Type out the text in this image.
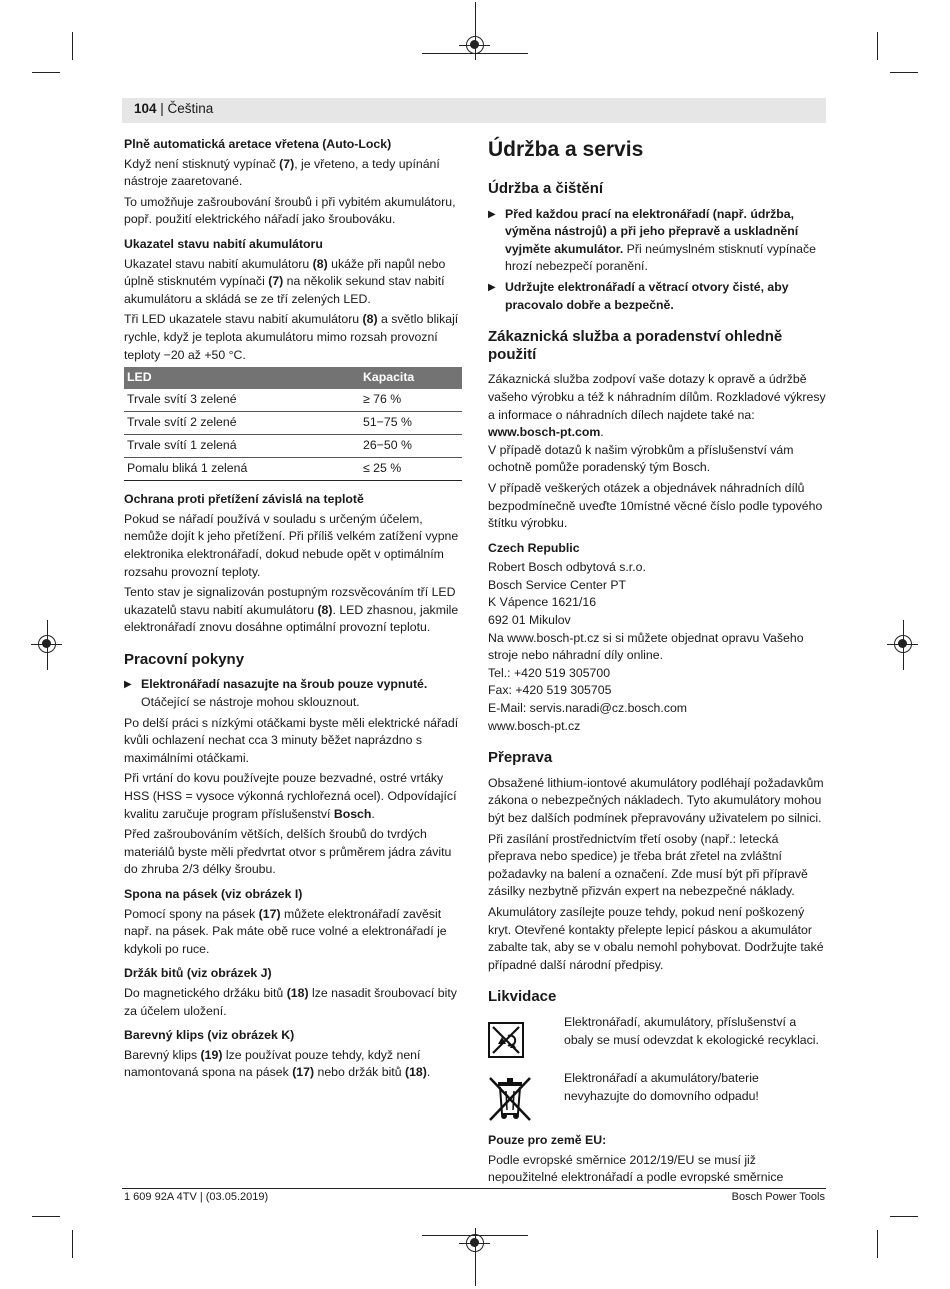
104 | Čeština

Plně automatická aretace vřetena (Auto-Lock)

Když není stisknutý vypínač (7), je vřeteno, a tedy upínání nástroje zaaretované.

To umožňuje zašroubování šroubů i při vybitém akumulátoru, popř. použití elektrického nářadí jako šroubováku.

Ukazatel stavu nabití akumulátoru

Ukazatel stavu nabití akumulátoru (8) ukáže při napůl nebo úplně stisknutém vypínači (7) na několik sekund stav nabití akumulátoru a skládá se ze tří zelených LED.

Tři LED ukazatele stavu nabití akumulátoru (8) a světlo blikají rychle, když je teplota akumulátoru mimo rozsah provozní teploty −20 až +50 °C.

LED	Kapacita
Trvale svítí 3 zelené	≥ 76 %
Trvale svítí 2 zelené	51−75 %
Trvale svítí 1 zelená	26−50 %
Pomalu bliká 1 zelená	≤ 25 %

Ochrana proti přetížení závislá na teplotě

Pokud se nářadí používá v souladu s určeným účelem, nemůže dojít k jeho přetížení. Při příliš velkém zatížení vypne elektronika elektronářadí, dokud nebude opět v optimálním rozsahu provozní teploty.

Tento stav je signalizován postupným rozsvěcováním tří LED ukazatelů stavu nabití akumulátoru (8). LED zhasnou, jakmile elektronářadí znovu dosáhne optimální provozní teplotu.

Pracovní pokyny
▶ Elektronářadí nasazujte na šroub pouze vypnuté.
Otáčející se nástroje mohou sklouznout.

Po delší práci s nízkými otáčkami byste měli elektrické nářadí kvůli ochlazení nechat cca 3 minuty běžet naprázdno s maximálními otáčkami.

Při vrtání do kovu používejte pouze bezvadné, ostré vrtáky HSS (HSS = vysoce výkonná rychlořezná ocel). Odpovídající kvalitu zaručuje program příslušenství Bosch.

Před zašroubováním větších, delších šroubů do tvrdých materiálů byste měli předvrtat otvor s průměrem jádra závitu do zhruba 2/3 délky šroubu.

Spona na pásek (viz obrázek I)

Pomocí spony na pásek (17) můžete elektronářadí zavěsit např. na pásek. Pak máte obě ruce volné a elektronářadí je kdykoli po ruce.

Držák bitů (viz obrázek J)

Do magnetického držáku bitů (18) lze nasadit šroubovací bity za účelem uložení.

Barevný klips (viz obrázek K)

Barevný klips (19) lze používat pouze tehdy, když není namontovaná spona na pásek (17) nebo držák bitů (18).

Údržba a servis
Údržba a čištění
▶ Před každou prací na elektronářadí (např. údržba, výměna nástrojů) a při jeho přepravě a uskladnění vyjměte akumulátor. Při neúmyslném stisknutí vypínače hrozí nebezpečí poranění.
▶ Udržujte elektronářadí a větrací otvory čisté, aby pracovalo dobře a bezpečně.
Zákaznická služba a poradenství ohledně použití

Zákaznická služba zodpoví vaše dotazy k opravě a údržbě vašeho výrobku a též k náhradním dílům. Rozkladové výkresy a informace o náhradních dílech najdete také na: www.bosch-pt.com.

V případě dotazů k našim výrobkům a příslušenství vám ochotně pomůže poradenský tým Bosch.

V případě veškerých otázek a objednávek náhradních dílů bezpodmínečně uveďte 10místné věcné číslo podle typového štítku výrobku.

Czech Republic

Robert Bosch odbytová s.r.o.
Bosch Service Center PT
K Vápence 1621/16
692 01 Mikulov
Na www.bosch-pt.cz si si můžete objednat opravu Vašeho stroje nebo náhradní díly online.
Tel.: +420 519 305700
Fax: +420 519 305705
E-Mail: servis.naradi@cz.bosch.com
www.bosch-pt.cz
Přeprava

Obsažené lithium-iontové akumulátory podléhají požadavkům zákona o nebezpečných nákladech. Tyto akumulátory mohou být bez dalších podmínek přepravovány uživatelem po silnici.

Při zasílání prostřednictvím třetí osoby (např.: letecká přeprava nebo spedice) je třeba brát zřetel na zvláštní požadavky na balení a označení. Zde musí být při přípravě zásilky nezbytně přizván expert na nebezpečné náklady.

Akumulátory zasílejte pouze tehdy, pokud není poškozený kryt. Otevřené kontakty přelepte lepicí páskou a akumulátor zabalte tak, aby se v obalu nemohl pohybovat. Dodržujte také případné další národní předpisy.

Likvidace
Elektronářadí, akumulátory, příslušenství a obaly se musí odevzdat k ekologické recyklaci.
Elektronářadí a akumulátory/baterie nevyhazujte do domovního odpadu!

Pouze pro země EU:

Podle evropské směrnice 2012/19/EU se musí již nepoužitelné elektronářadí a podle evropské směrnice

1 609 92A 4TV | (03.05.2019)	Bosch Power Tools
